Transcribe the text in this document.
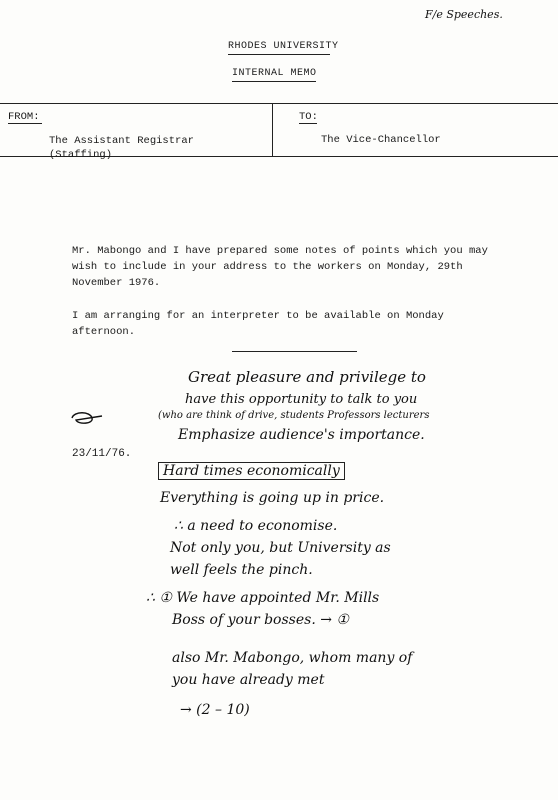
F/e Speeches.
RHODES UNIVERSITY
INTERNAL MEMO
FROM:
The Assistant Registrar
(Staffing)
TO:
The Vice-Chancellor
Mr. Mabongo and I have prepared some notes of points which you may
wish to include in your address to the workers on Monday, 29th
November 1976.
I am arranging for an interpreter to be available on Monday
afternoon.
23/11/76.
Great pleasure and privilege to
have this opportunity to talk to you
(who are think of drive, students Professors lecturers
Emphasize audience's importance.
Hard times economically
Everything is going up in price.
∴ a need to economise.
Not only you, but University as
well feels the pinch.
∴ ① We have appointed Mr. Mills
Boss of your bosses. → ①
also Mr. Mabongo, whom many of
you have already met
→ (2 – 10)
